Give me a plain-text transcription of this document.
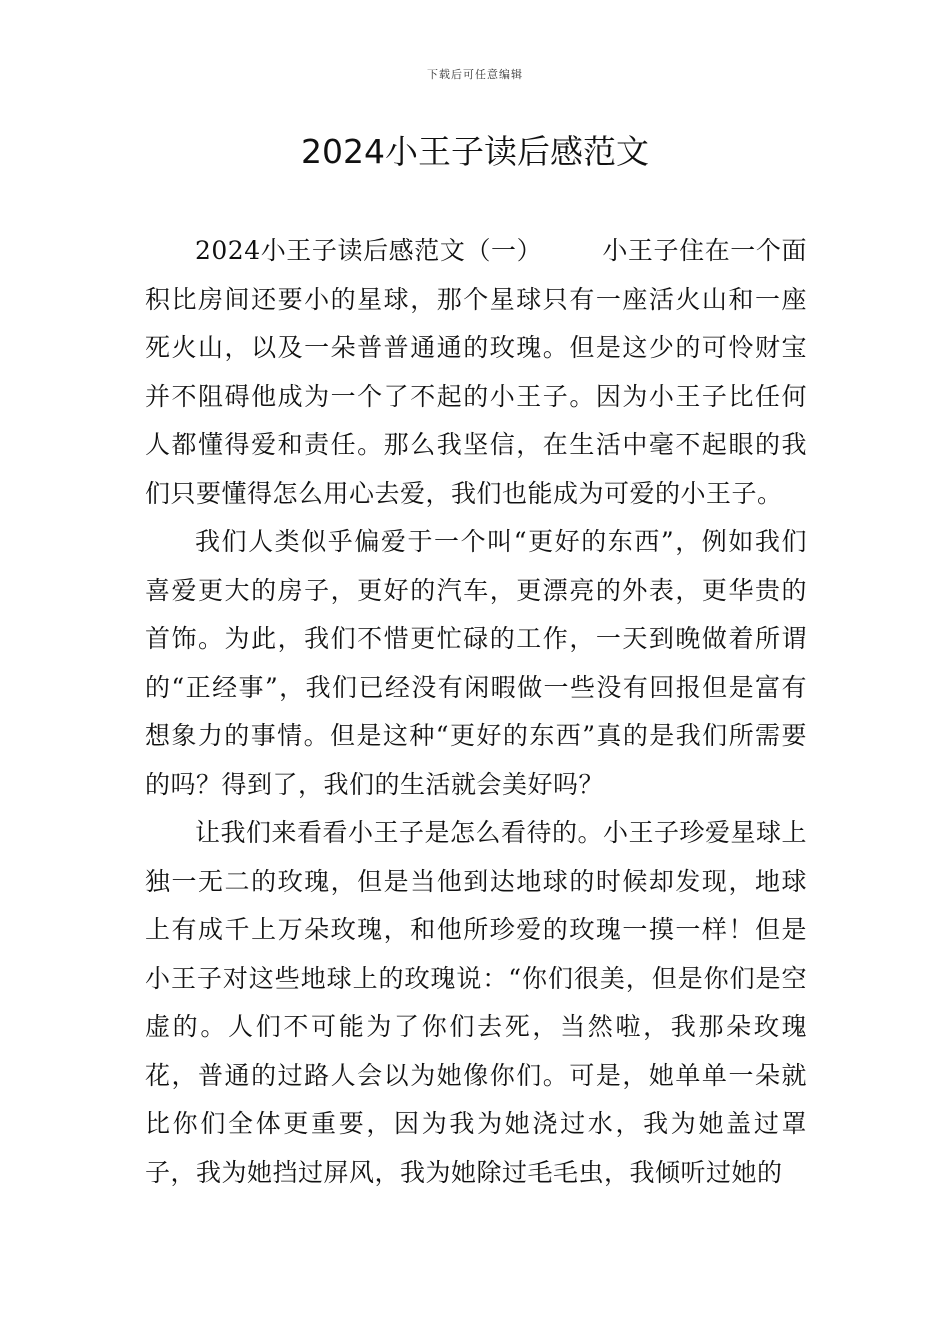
下载后可任意编辑
2024小王子读后感范文

2024小王子读后感范文（一） 小王子住在一个面积比房间还要小的星球，那个星球只有一座活火山和一座死火山，以及一朵普普通通的玫瑰。但是这少的可怜财宝并不阻碍他成为一个了不起的小王子。因为小王子比任何人都懂得爱和责任。那么我坚信，在生活中毫不起眼的我们只要懂得怎么用心去爱，我们也能成为可爱的小王子。

我们人类似乎偏爱于一个叫“更好的东西”，例如我们喜爱更大的房子，更好的汽车，更漂亮的外表，更华贵的首饰。为此，我们不惜更忙碌的工作，一天到晚做着所谓的“正经事”，我们已经没有闲暇做一些没有回报但是富有想象力的事情。但是这种“更好的东西”真的是我们所需要的吗？得到了，我们的生活就会美好吗？

让我们来看看小王子是怎么看待的。小王子珍爱星球上独一无二的玫瑰，但是当他到达地球的时候却发现，地球上有成千上万朵玫瑰，和他所珍爱的玫瑰一摸一样！但是小王子对这些地球上的玫瑰说：“你们很美，但是你们是空虚的。人们不可能为了你们去死，当然啦，我那朵玫瑰花，普通的过路人会以为她像你们。可是，她单单一朵就比你们全体更重要，因为我为她浇过水，我为她盖过罩子，我为她挡过屏风，我为她除过毛毛虫，我倾听过她的
